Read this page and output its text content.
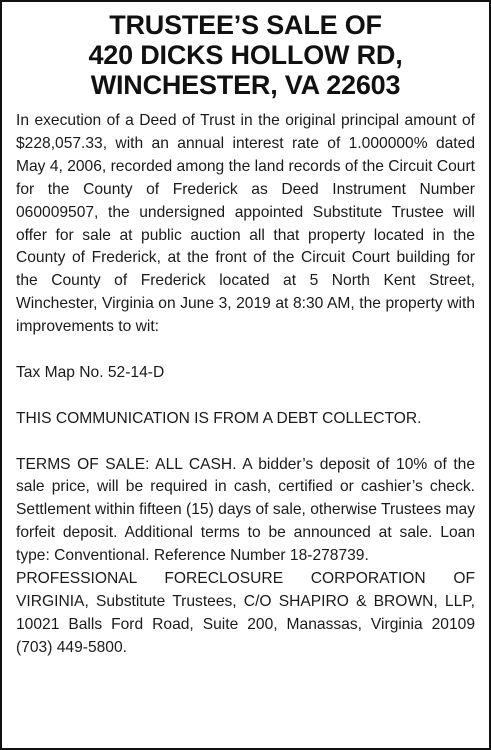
TRUSTEE’S SALE OF
420 DICKS HOLLOW RD,
WINCHESTER, VA 22603

In execution of a Deed of Trust in the original principal amount of $228,057.33, with an annual interest rate of 1.000000% dated May 4, 2006, recorded among the land records of the Circuit Court for the County of Frederick as Deed Instrument Number 060009507, the undersigned appointed Substitute Trustee will offer for sale at public auction all that property located in the County of Frederick, at the front of the Circuit Court building for the County of Frederick located at 5 North Kent Street, Winchester, Virginia on June 3, 2019 at 8:30 AM, the property with improvements to wit:

Tax Map No. 52-14-D

THIS COMMUNICATION IS FROM A DEBT COLLECTOR.

TERMS OF SALE: ALL CASH. A bidder’s deposit of 10% of the sale price, will be required in cash, certified or cashier’s check. Settlement within fifteen (15) days of sale, otherwise Trustees may forfeit deposit. Additional terms to be announced at sale. Loan type: Conventional. Reference Number 18-278739.

PROFESSIONAL FORECLOSURE CORPORATION OF VIRGINIA, Substitute Trustees, C/O SHAPIRO & BROWN, LLP, 10021 Balls Ford Road, Suite 200, Manassas, Virginia 20109 (703) 449-5800.
